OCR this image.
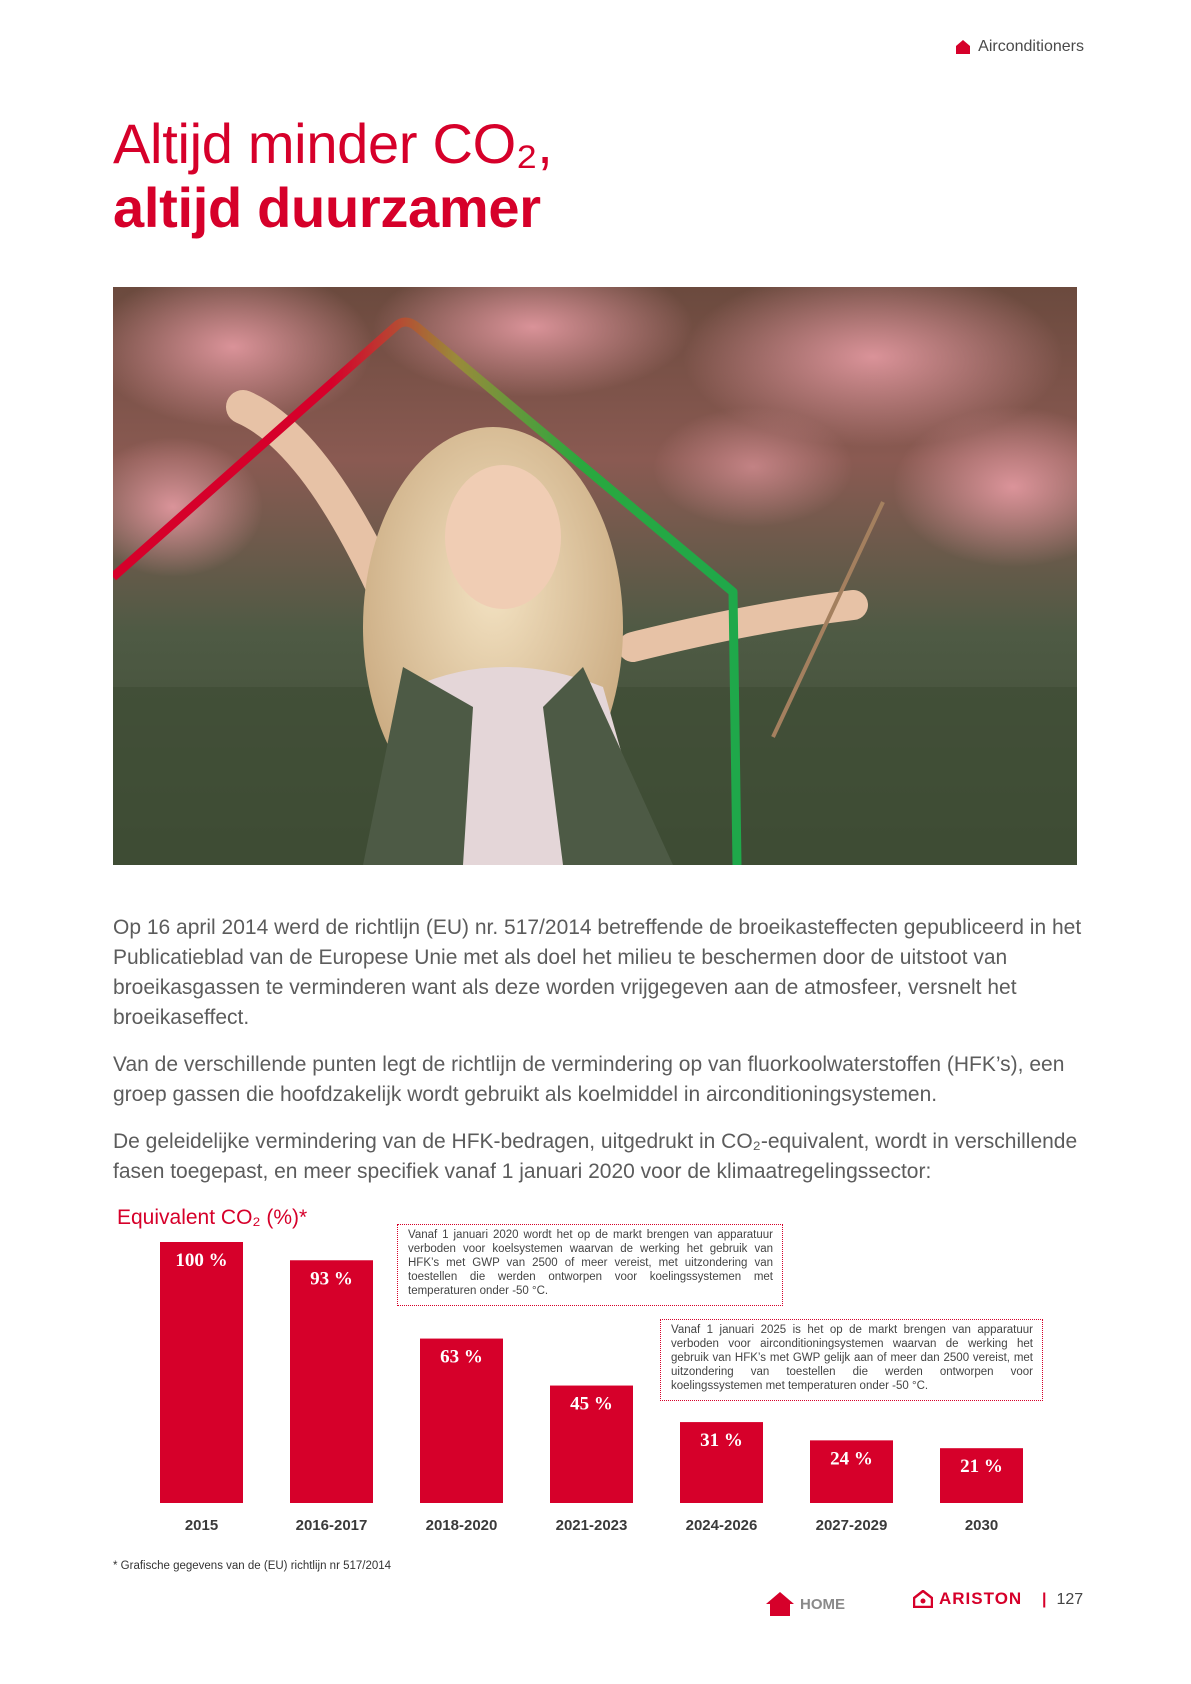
Airconditioners
Altijd minder CO₂,
altijd duurzamer

Op 16 april 2014 werd de richtlijn (EU) nr. 517/2014 betreffende de broeikasteffecten gepubliceerd in het Publicatieblad van de Europese Unie met als doel het milieu te beschermen door de uitstoot van broeikasgassen te verminderen want als deze worden vrijgegeven aan de atmosfeer, versnelt het broeikaseffect.

Van de verschillende punten legt de richtlijn de vermindering op van fluorkoolwaterstoffen (HFK’s), een groep gassen die hoofdzakelijk wordt gebruikt als koelmiddel in airconditioningsystemen.

De geleidelijke vermindering van de HFK-bedragen, uitgedrukt in CO₂-equivalent, wordt in verschillende fasen toegepast, en meer specifiek vanaf 1 januari 2020 voor de klimaatregelingssector:

Equivalent CO₂ (%)*
100 %
2015
93 %
2016-2017
63 %
2018-2020
45 %
2021-2023
31 %
2024-2026
24 %
2027-2029
21 %
2030
Vanaf 1 januari 2020 wordt het op de markt brengen van apparatuur verboden voor koelsystemen waarvan de werking het gebruik van HFK’s met GWP van 2500 of meer vereist, met uitzondering van toestellen die werden ontworpen voor koelingssystemen met temperaturen onder -50 °C.
Vanaf 1 januari 2025 is het op de markt brengen van apparatuur verboden voor airconditioningsystemen waarvan de werking het gebruik van HFK’s met GWP gelijk aan of meer dan 2500 vereist, met uitzondering van toestellen die werden ontworpen voor koelingssystemen met temperaturen onder -50 °C.
* Grafische gegevens van de (EU) richtlijn nr 517/2014
HOME	ARISTON | 127
